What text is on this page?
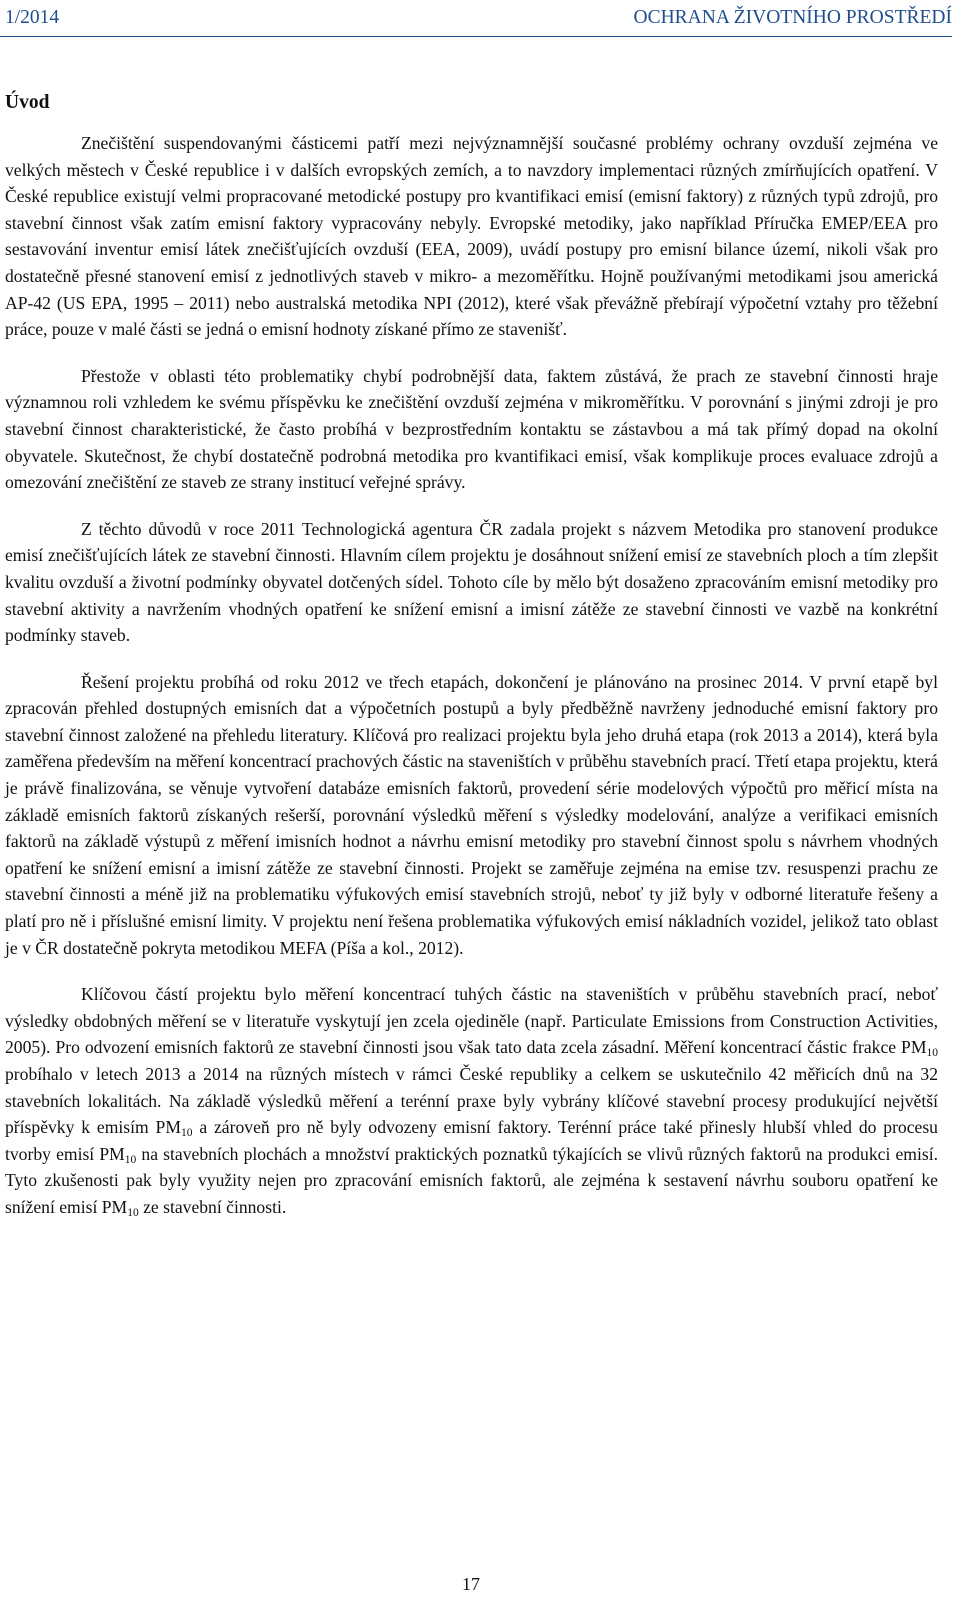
1/2014	OCHRANA ŽIVOTNÍHO PROSTŘEDÍ
Úvod

Znečištění suspendovanými částicemi patří mezi nejvýznamnější současné problémy ochrany ovzduší zejména ve velkých městech v České republice i v dalších evropských zemích, a to navzdory implementaci různých zmírňujících opatření. V České republice existují velmi propracované metodické postupy pro kvantifikaci emisí (emisní faktory) z různých typů zdrojů, pro stavební činnost však zatím emisní faktory vypracovány nebyly. Evropské metodiky, jako například Příručka EMEP/EEA pro sestavování inventur emisí látek znečišťujících ovzduší (EEA, 2009), uvádí postupy pro emisní bilance území, nikoli však pro dostatečně přesné stanovení emisí z jednotlivých staveb v mikro- a mezoměřítku. Hojně používanými metodikami jsou americká AP-42 (US EPA, 1995 – 2011) nebo australská metodika NPI (2012), které však převážně přebírají výpočetní vztahy pro těžební práce, pouze v malé části se jedná o emisní hodnoty získané přímo ze stavenišť.

Přestože v oblasti této problematiky chybí podrobnější data, faktem zůstává, že prach ze stavební činnosti hraje významnou roli vzhledem ke svému příspěvku ke znečištění ovzduší zejména v mikroměřítku. V porovnání s jinými zdroji je pro stavební činnost charakteristické, že často probíhá v bezprostředním kontaktu se zástavbou a má tak přímý dopad na okolní obyvatele. Skutečnost, že chybí dostatečně podrobná metodika pro kvantifikaci emisí, však komplikuje proces evaluace zdrojů a omezování znečištění ze staveb ze strany institucí veřejné správy.

Z těchto důvodů v roce 2011 Technologická agentura ČR zadala projekt s názvem Metodika pro stanovení produkce emisí znečišťujících látek ze stavební činnosti. Hlavním cílem projektu je dosáhnout snížení emisí ze stavebních ploch a tím zlepšit kvalitu ovzduší a životní podmínky obyvatel dotčených sídel. Tohoto cíle by mělo být dosaženo zpracováním emisní metodiky pro stavební aktivity a navržením vhodných opatření ke snížení emisní a imisní zátěže ze stavební činnosti ve vazbě na konkrétní podmínky staveb.

Řešení projektu probíhá od roku 2012 ve třech etapách, dokončení je plánováno na prosinec 2014. V první etapě byl zpracován přehled dostupných emisních dat a výpočetních postupů a byly předběžně navrženy jednoduché emisní faktory pro stavební činnost založené na přehledu literatury. Klíčová pro realizaci projektu byla jeho druhá etapa (rok 2013 a 2014), která byla zaměřena především na měření koncentrací prachových částic na staveništích v průběhu stavebních prací. Třetí etapa projektu, která je právě finalizována, se věnuje vytvoření databáze emisních faktorů, provedení série modelových výpočtů pro měřicí místa na základě emisních faktorů získaných rešerší, porovnání výsledků měření s výsledky modelování, analýze a verifikaci emisních faktorů na základě výstupů z měření imisních hodnot a návrhu emisní metodiky pro stavební činnost spolu s návrhem vhodných opatření ke snížení emisní a imisní zátěže ze stavební činnosti. Projekt se zaměřuje zejména na emise tzv. resuspenzi prachu ze stavební činnosti a méně již na problematiku výfukových emisí stavebních strojů, neboť ty již byly v odborné literatuře řešeny a platí pro ně i příslušné emisní limity. V projektu není řešena problematika výfukových emisí nákladních vozidel, jelikož tato oblast je v ČR dostatečně pokryta metodikou MEFA (Píša a kol., 2012).

Klíčovou částí projektu bylo měření koncentrací tuhých částic na staveništích v průběhu stavebních prací, neboť výsledky obdobných měření se v literatuře vyskytují jen zcela ojediněle (např. Particulate Emissions from Construction Activities, 2005). Pro odvození emisních faktorů ze stavební činnosti jsou však tato data zcela zásadní. Měření koncentrací částic frakce $PM_{10}$ probíhalo v letech 2013 a 2014 na různých místech v rámci České republiky a celkem se uskutečnilo 42 měřicích dnů na 32 stavebních lokalitách. Na základě výsledků měření a terénní praxe byly vybrány klíčové stavební procesy produkující největší příspěvky k emisím $PM_{10}$ a zároveň pro ně byly odvozeny emisní faktory. Terénní práce také přinesly hlubší vhled do procesu tvorby emisí $PM_{10}$ na stavebních plochách a množství praktických poznatků týkajících se vlivů různých faktorů na produkci emisí. Tyto zkušenosti pak byly využity nejen pro zpracování emisních faktorů, ale zejména k sestavení návrhu souboru opatření ke snížení emisí $PM_{10}$ ze stavební činnosti.

17
